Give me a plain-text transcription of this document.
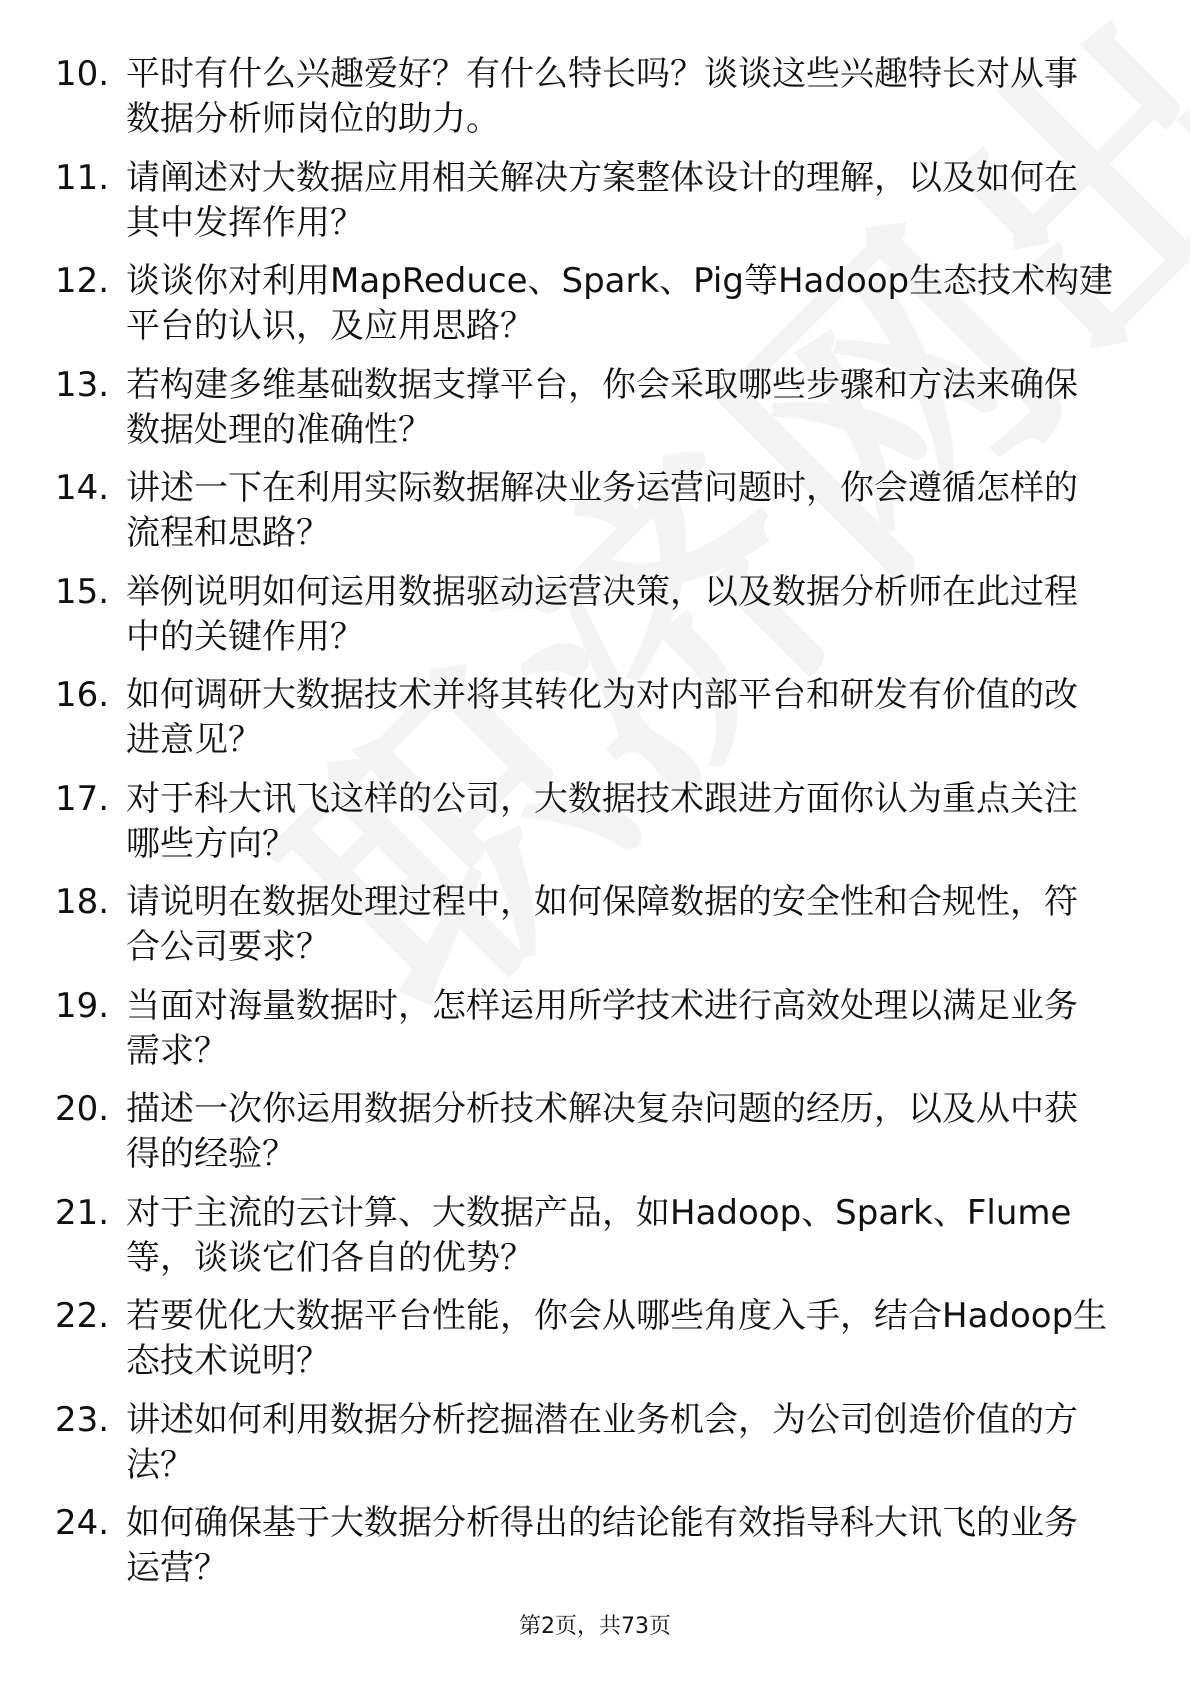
10. 平时有什么兴趣爱好？有什么特长吗？谈谈这些兴趣特长对从事
数据分析师岗位的助力。
11. 请阐述对大数据应用相关解决方案整体设计的理解，以及如何在
其中发挥作用？
12. 谈谈你对利用MapReduce、Spark、Pig等Hadoop生态技术构建
平台的认识，及应用思路？
13. 若构建多维基础数据支撑平台，你会采取哪些步骤和方法来确保
数据处理的准确性？
14. 讲述一下在利用实际数据解决业务运营问题时，你会遵循怎样的
流程和思路？
15. 举例说明如何运用数据驱动运营决策，以及数据分析师在此过程
中的关键作用？
16. 如何调研大数据技术并将其转化为对内部平台和研发有价值的改
进意见？
17. 对于科大讯飞这样的公司，大数据技术跟进方面你认为重点关注
哪些方向？
18. 请说明在数据处理过程中，如何保障数据的安全性和合规性，符
合公司要求？
19. 当面对海量数据时，怎样运用所学技术进行高效处理以满足业务
需求？
20. 描述一次你运用数据分析技术解决复杂问题的经历，以及从中获
得的经验？
21. 对于主流的云计算、大数据产品，如Hadoop、Spark、Flume
等，谈谈它们各自的优势？
22. 若要优化大数据平台性能，你会从哪些角度入手，结合Hadoop生
态技术说明？
23. 讲述如何利用数据分析挖掘潜在业务机会，为公司创造价值的方
法？
24. 如何确保基于大数据分析得出的结论能有效指导科大讯飞的业务
运营？
第2页，共73页
